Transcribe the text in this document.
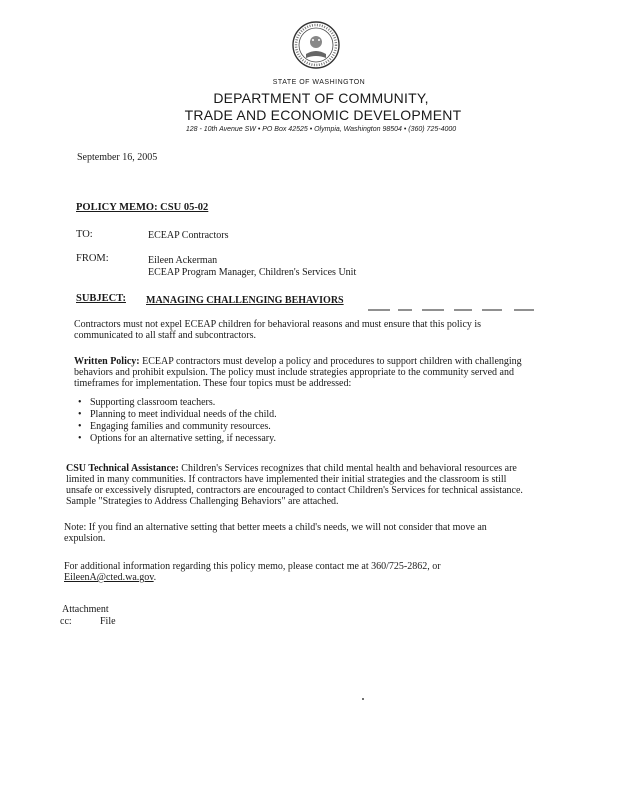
STATE OF WASHINGTON
DEPARTMENT OF COMMUNITY,
TRADE AND ECONOMIC DEVELOPMENT
128 - 10th Avenue SW • PO Box 42525 • Olympia, Washington 98504 • (360) 725-4000
September 16, 2005
POLICY MEMO: CSU 05-02
TO:	ECEAP Contractors
FROM:	Eileen Ackerman
ECEAP Program Manager, Children's Services Unit
SUBJECT: MANAGING CHALLENGING BEHAVIORS
Contractors must not expel ECEAP children for behavioral reasons and must ensure that this policy is communicated to all staff and subcontractors.
Written Policy: ECEAP contractors must develop a policy and procedures to support children with challenging behaviors and prohibit expulsion. The policy must include strategies appropriate to the community served and timeframes for implementation. These four topics must be addressed:
• Supporting classroom teachers.
• Planning to meet individual needs of the child.
• Engaging families and community resources.
• Options for an alternative setting, if necessary.
CSU Technical Assistance: Children's Services recognizes that child mental health and behavioral resources are limited in many communities. If contractors have implemented their initial strategies and the classroom is still unsafe or excessively disrupted, contractors are encouraged to contact Children's Services for technical assistance. Sample "Strategies to Address Challenging Behaviors" are attached.
Note: If you find an alternative setting that better meets a child's needs, we will not consider that move an expulsion.
For additional information regarding this policy memo, please contact me at 360/725-2862, or EileenA@cted.wa.gov.
Attachment
cc:	File
